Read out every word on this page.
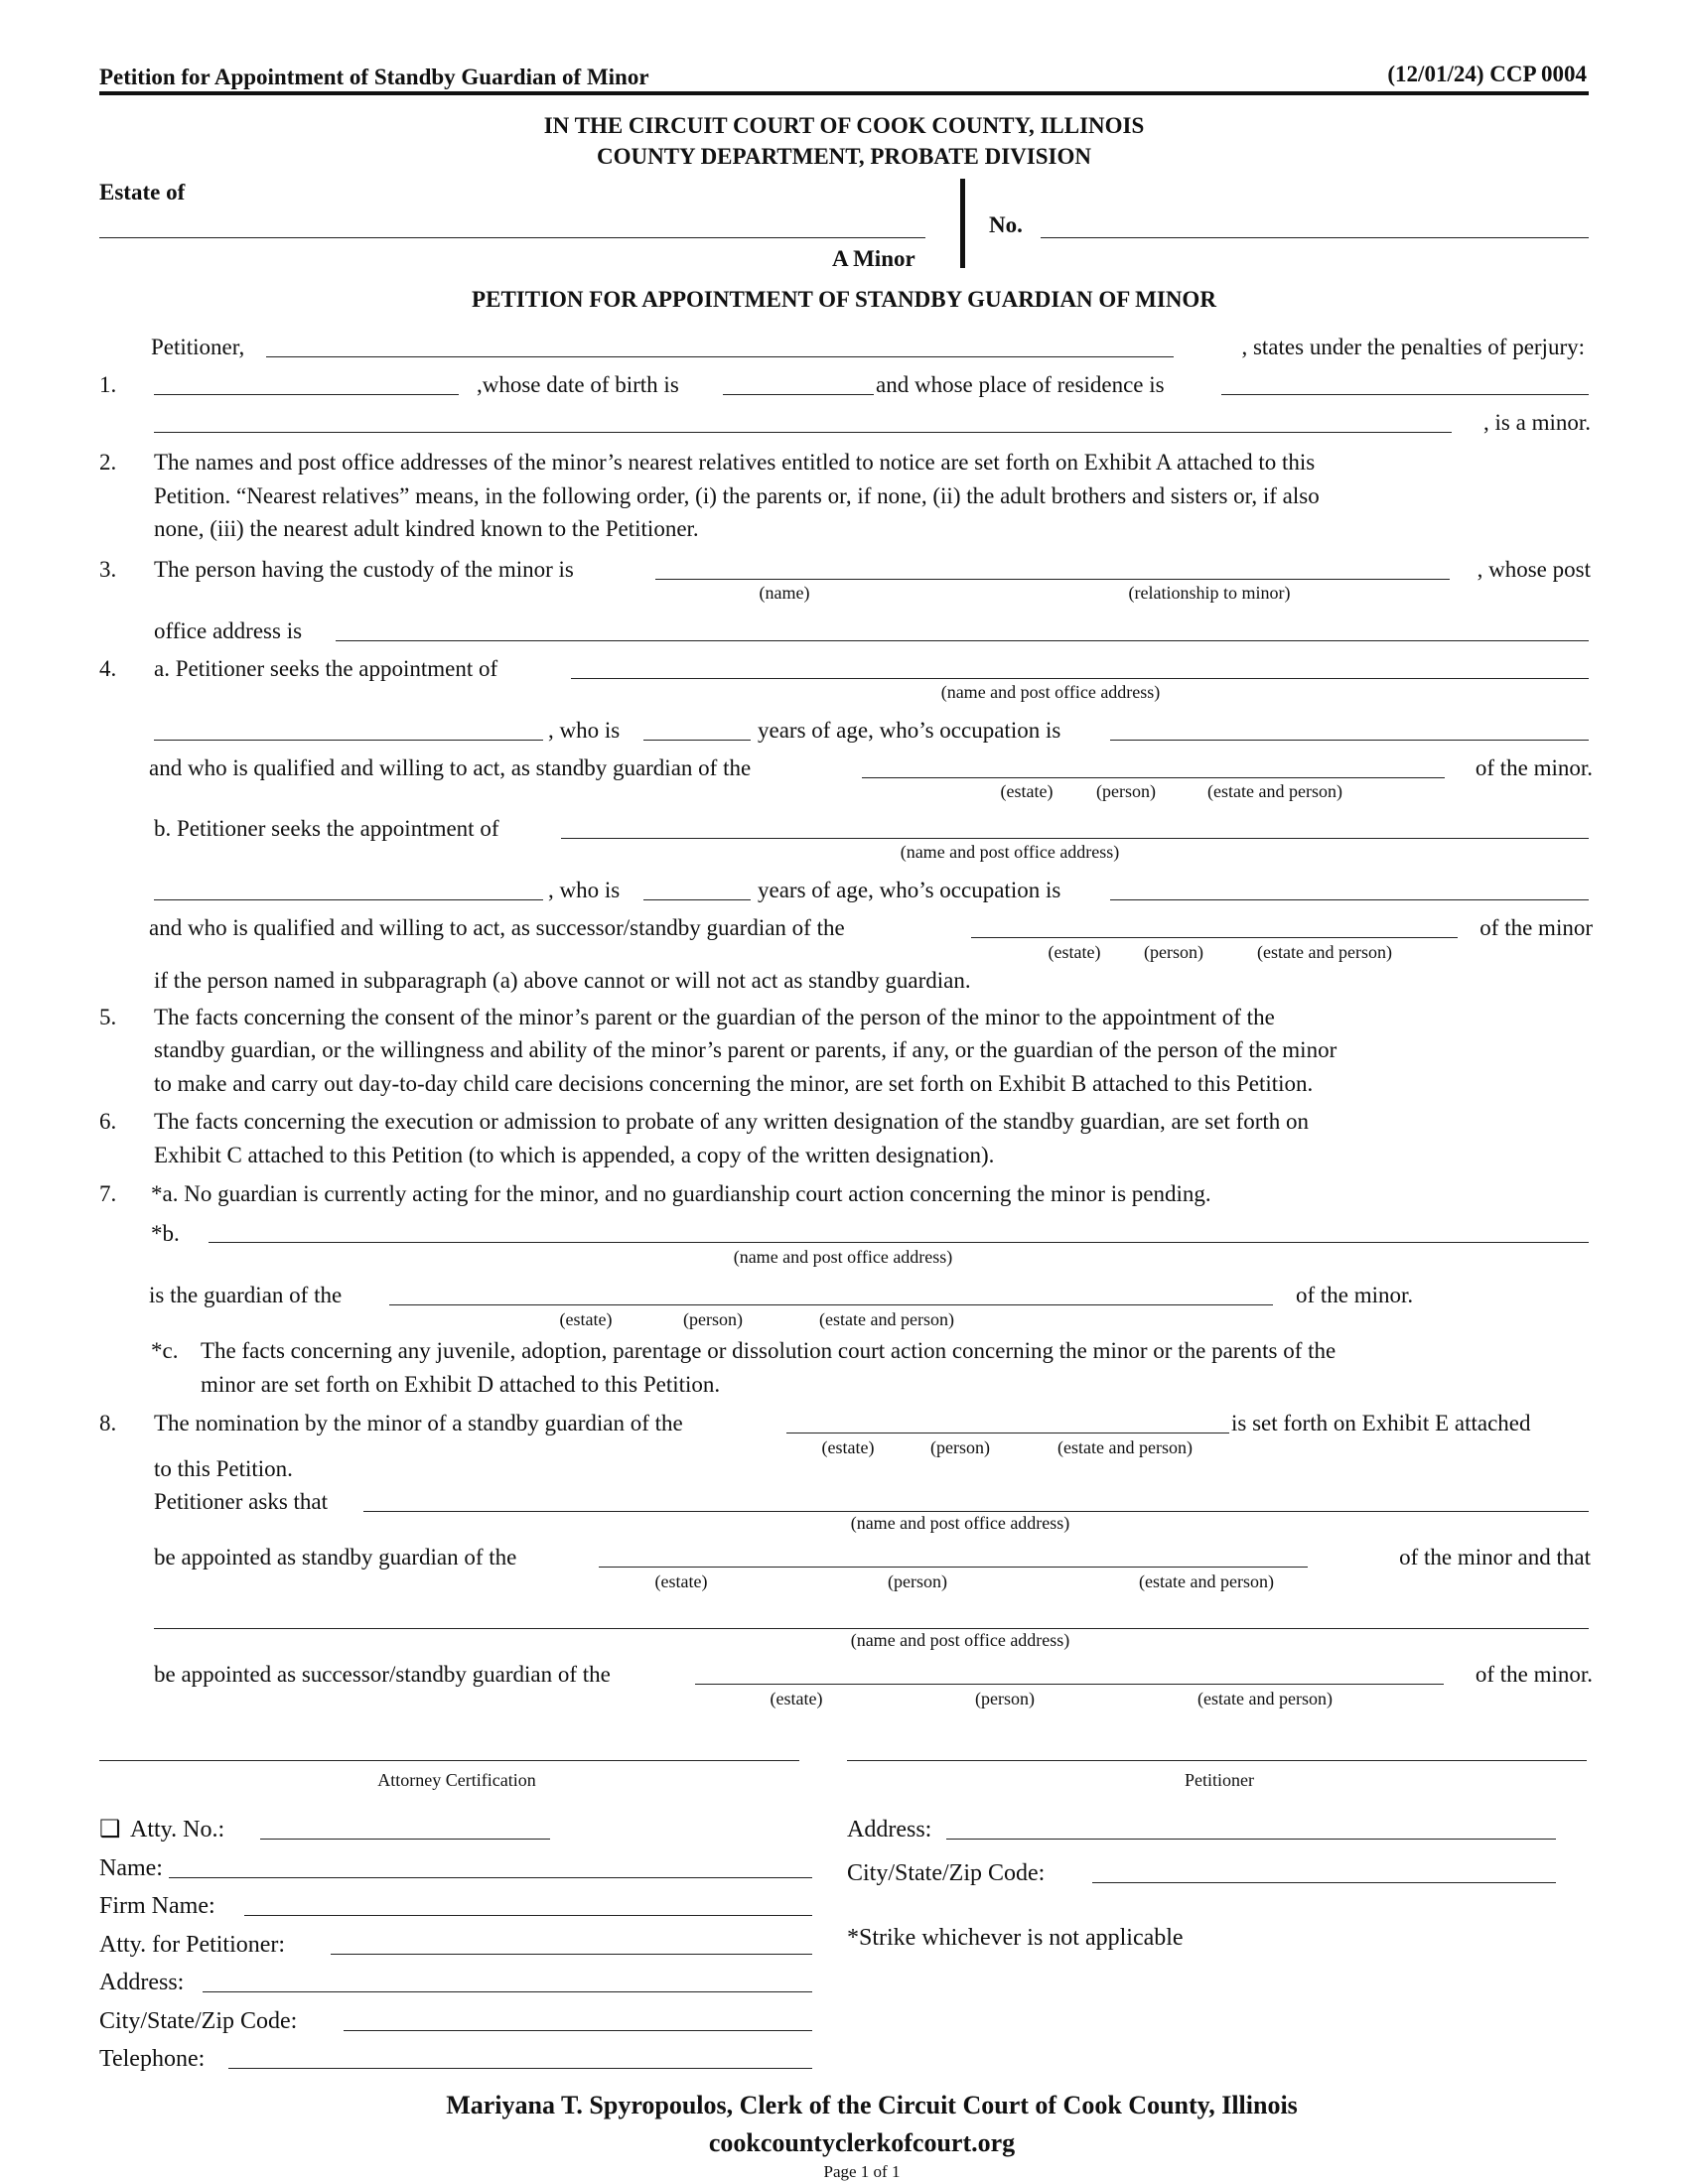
Petition for Appointment of Standby Guardian of Minor	(12/01/24) CCP 0004
IN THE CIRCUIT COURT OF COOK COUNTY, ILLINOIS
COUNTY DEPARTMENT, PROBATE DIVISION
Estate of
A Minor
No.
PETITION FOR APPOINTMENT OF STANDBY GUARDIAN OF MINOR
Petitioner,	, states under the penalties of perjury:
1.	,whose date of birth is	and whose place of residence is
, is a minor.
2. The names and post office addresses of the minor’s nearest relatives entitled to notice are set forth on Exhibit A attached to this
Petition. “Nearest relatives” means, in the following order, (i) the parents or, if none, (ii) the adult brothers and sisters or, if also
none, (iii) the nearest adult kindred known to the Petitioner.
3. The person having the custody of the minor is	, whose post
(name)	(relationship to minor)
office address is
4. a. Petitioner seeks the appointment of
(name and post office address)
, who is	years of age, who’s occupation is
and who is qualified and willing to act, as standby guardian of the	of the minor.
(estate) (person)	(estate and person)
b. Petitioner seeks the appointment of
(name and post office address)
, who is	years of age, who’s occupation is
and who is qualified and willing to act, as successor/standby guardian of the	of the minor
(estate) (person)	(estate and person)
if the person named in subparagraph (a) above cannot or will not act as standby guardian.
5. The facts concerning the consent of the minor’s parent or the guardian of the person of the minor to the appointment of the
standby guardian, or the willingness and ability of the minor’s parent or parents, if any, or the guardian of the person of the minor
to make and carry out day-to-day child care decisions concerning the minor, are set forth on Exhibit B attached to this Petition.
6. The facts concerning the execution or admission to probate of any written designation of the standby guardian, are set forth on
Exhibit C attached to this Petition (to which is appended, a copy of the written designation).
7. *a. No guardian is currently acting for the minor, and no guardianship court action concerning the minor is pending.
*b.
(name and post office address)
is the guardian of the	of the minor.
(estate)	(person)	(estate and person)
*c. The facts concerning any juvenile, adoption, parentage or dissolution court action concerning the minor or the parents of the
minor are set forth on Exhibit D attached to this Petition.
8. The nomination by the minor of a standby guardian of the	is set forth on Exhibit E attached
(estate)	(person)	(estate and person)
to this Petition.
Petitioner asks that
(name and post office address)
be appointed as standby guardian of the	of the minor and that
(estate)	(person)	(estate and person)
(name and post office address)
be appointed as successor/standby guardian of the	of the minor.
(estate)	(person)	(estate and person)
Attorney Certification	Petitioner
❑ Atty. No.:
Name:
Firm Name:
Atty. for Petitioner:
Address:
City/State/Zip Code:
Telephone:
Address:
City/State/Zip Code:
*Strike whichever is not applicable
Mariyana T. Spyropoulos, Clerk of the Circuit Court of Cook County, Illinois
cookcountyclerkofcourt.org
Page 1 of 1
